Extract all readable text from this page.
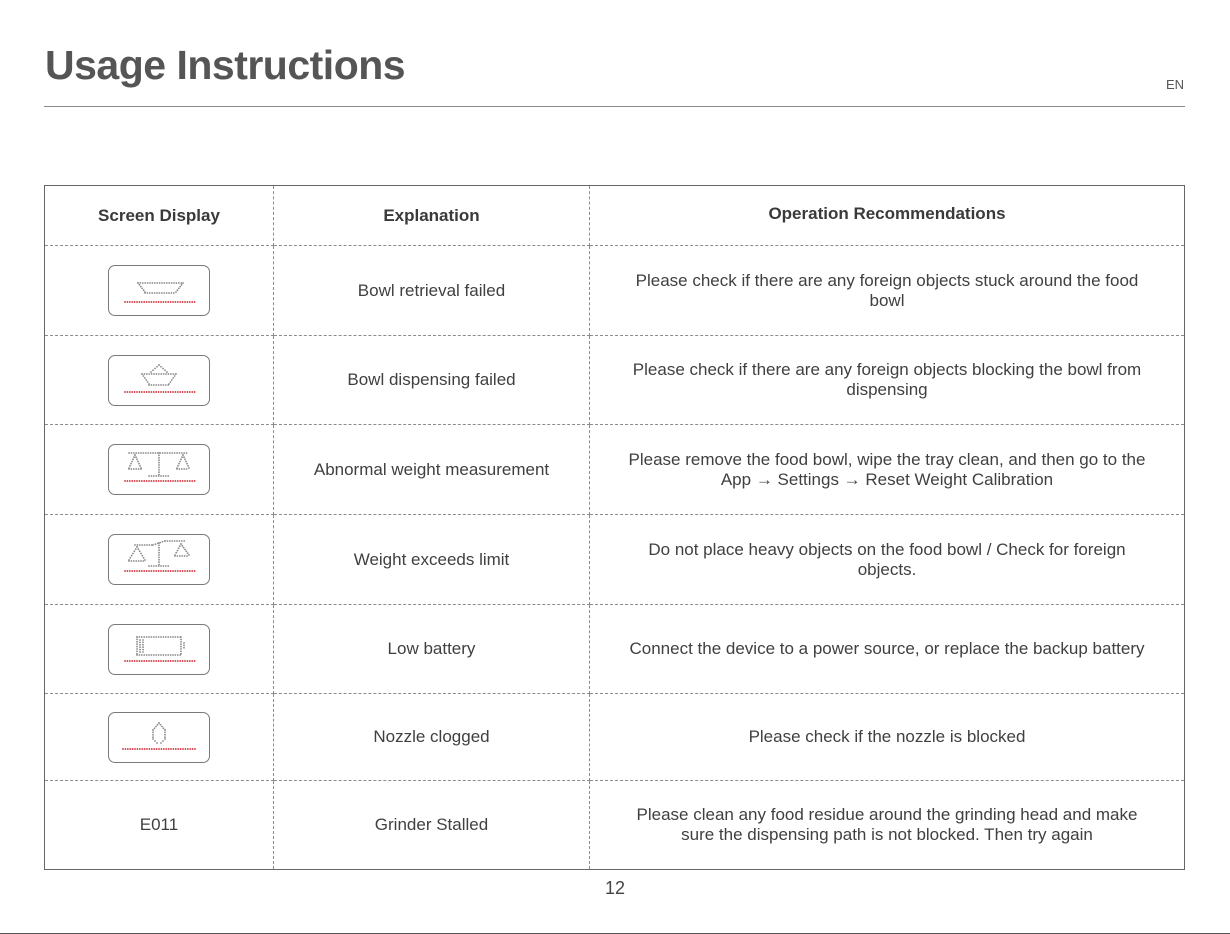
Usage Instructions	EN
Screen Display	Explanation	Operation Recommendations

	Bowl retrieval failed	Please check if there are any foreign objects stuck around the food bowl

	Bowl dispensing failed	Please check if there are any foreign objects blocking the bowl from dispensing

	Abnormal weight measurement	Please remove the food bowl, wipe the tray clean, and then go to the App → Settings → Reset Weight Calibration

	Weight exceeds limit	Do not place heavy objects on the food bowl / Check for foreign objects.

	Low battery	Connect the device to a power source, or replace the backup battery

	Nozzle clogged	Please check if the nozzle is blocked
E011	Grinder Stalled	Please clean any food residue around the grinding head and make sure the dispensing path is not blocked. Then try again
12
